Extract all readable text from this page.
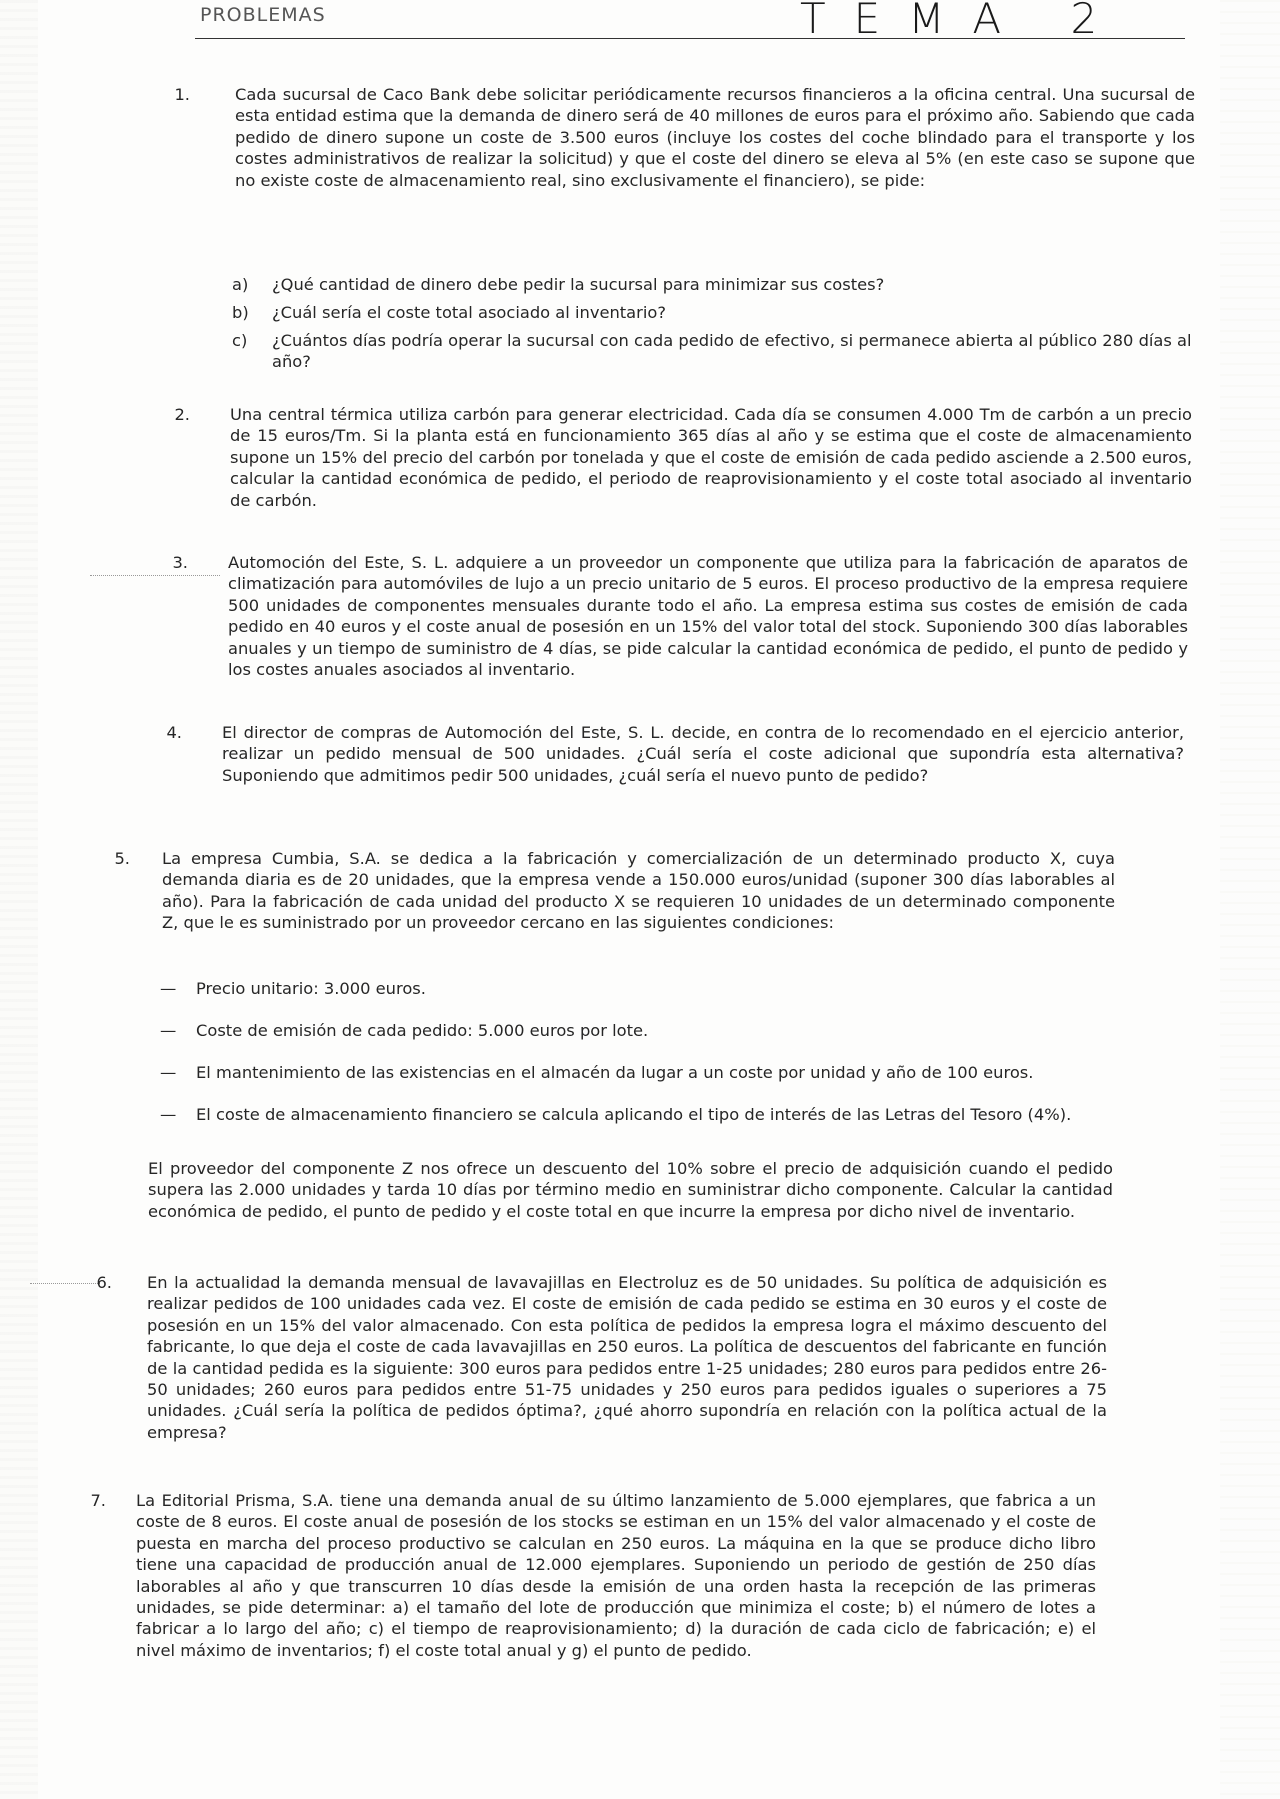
PROBLEMAS	TEMA 2
1.	Cada sucursal de Caco Bank debe solicitar periódicamente recursos financieros a la oficina central. Una sucursal de esta entidad estima que la demanda de dinero será de 40 millones de euros para el próximo año. Sabiendo que cada pedido de dinero supone un coste de 3.500 euros (incluye los costes del coche blindado para el transporte y los costes administrativos de realizar la solicitud) y que el coste del dinero se eleva al 5% (en este caso se supone que no existe coste de almacenamiento real, sino exclusivamente el financiero), se pide:
a) ¿Qué cantidad de dinero debe pedir la sucursal para minimizar sus costes?
b) ¿Cuál sería el coste total asociado al inventario?
c) ¿Cuántos días podría operar la sucursal con cada pedido de efectivo, si permanece abierta al público 280 días al año?
2. Una central térmica utiliza carbón para generar electricidad. Cada día se consumen 4.000 Tm de carbón a un precio de 15 euros/Tm. Si la planta está en funcionamiento 365 días al año y se estima que el coste de almacenamiento supone un 15% del precio del carbón por tonelada y que el coste de emisión de cada pedido asciende a 2.500 euros, calcular la cantidad económica de pedido, el periodo de reaprovisionamiento y el coste total asociado al inventario de carbón.
3. Automoción del Este, S. L. adquiere a un proveedor un componente que utiliza para la fabricación de aparatos de climatización para automóviles de lujo a un precio unitario de 5 euros. El proceso productivo de la empresa requiere 500 unidades de componentes mensuales durante todo el año. La empresa estima sus costes de emisión de cada pedido en 40 euros y el coste anual de posesión en un 15% del valor total del stock. Suponiendo 300 días laborables anuales y un tiempo de suministro de 4 días, se pide calcular la cantidad económica de pedido, el punto de pedido y los costes anuales asociados al inventario.
4. El director de compras de Automoción del Este, S. L. decide, en contra de lo recomendado en el ejercicio anterior, realizar un pedido mensual de 500 unidades. ¿Cuál sería el coste adicional que supondría esta alternativa? Suponiendo que admitimos pedir 500 unidades, ¿cuál sería el nuevo punto de pedido?
5. La empresa Cumbia, S.A. se dedica a la fabricación y comercialización de un determinado producto X, cuya demanda diaria es de 20 unidades, que la empresa vende a 150.000 euros/unidad (suponer 300 días laborables al año). Para la fabricación de cada unidad del producto X se requieren 10 unidades de un determinado componente Z, que le es suministrado por un proveedor cercano en las siguientes condiciones:
— Precio unitario: 3.000 euros.
— Coste de emisión de cada pedido: 5.000 euros por lote.
— El mantenimiento de las existencias en el almacén da lugar a un coste por unidad y año de 100 euros.
— El coste de almacenamiento financiero se calcula aplicando el tipo de interés de las Letras del Tesoro (4%).
El proveedor del componente Z nos ofrece un descuento del 10% sobre el precio de adquisición cuando el pedido supera las 2.000 unidades y tarda 10 días por término medio en suministrar dicho componente. Calcular la cantidad económica de pedido, el punto de pedido y el coste total en que incurre la empresa por dicho nivel de inventario.
6. En la actualidad la demanda mensual de lavavajillas en Electroluz es de 50 unidades. Su política de adquisición es realizar pedidos de 100 unidades cada vez. El coste de emisión de cada pedido se estima en 30 euros y el coste de posesión en un 15% del valor almacenado. Con esta política de pedidos la empresa logra el máximo descuento del fabricante, lo que deja el coste de cada lavavajillas en 250 euros. La política de descuentos del fabricante en función de la cantidad pedida es la siguiente: 300 euros para pedidos entre 1-25 unidades; 280 euros para pedidos entre 26-50 unidades; 260 euros para pedidos entre 51-75 unidades y 250 euros para pedidos iguales o superiores a 75 unidades. ¿Cuál sería la política de pedidos óptima?, ¿qué ahorro supondría en relación con la política actual de la empresa?
7. La Editorial Prisma, S.A. tiene una demanda anual de su último lanzamiento de 5.000 ejemplares, que fabrica a un coste de 8 euros. El coste anual de posesión de los stocks se estiman en un 15% del valor almacenado y el coste de puesta en marcha del proceso productivo se calculan en 250 euros. La máquina en la que se produce dicho libro tiene una capacidad de producción anual de 12.000 ejemplares. Suponiendo un periodo de gestión de 250 días laborables al año y que transcurren 10 días desde la emisión de una orden hasta la recepción de las primeras unidades, se pide determinar: a) el tamaño del lote de producción que minimiza el coste; b) el número de lotes a fabricar a lo largo del año; c) el tiempo de reaprovisionamiento; d) la duración de cada ciclo de fabricación; e) el nivel máximo de inventarios; f) el coste total anual y g) el punto de pedido.
